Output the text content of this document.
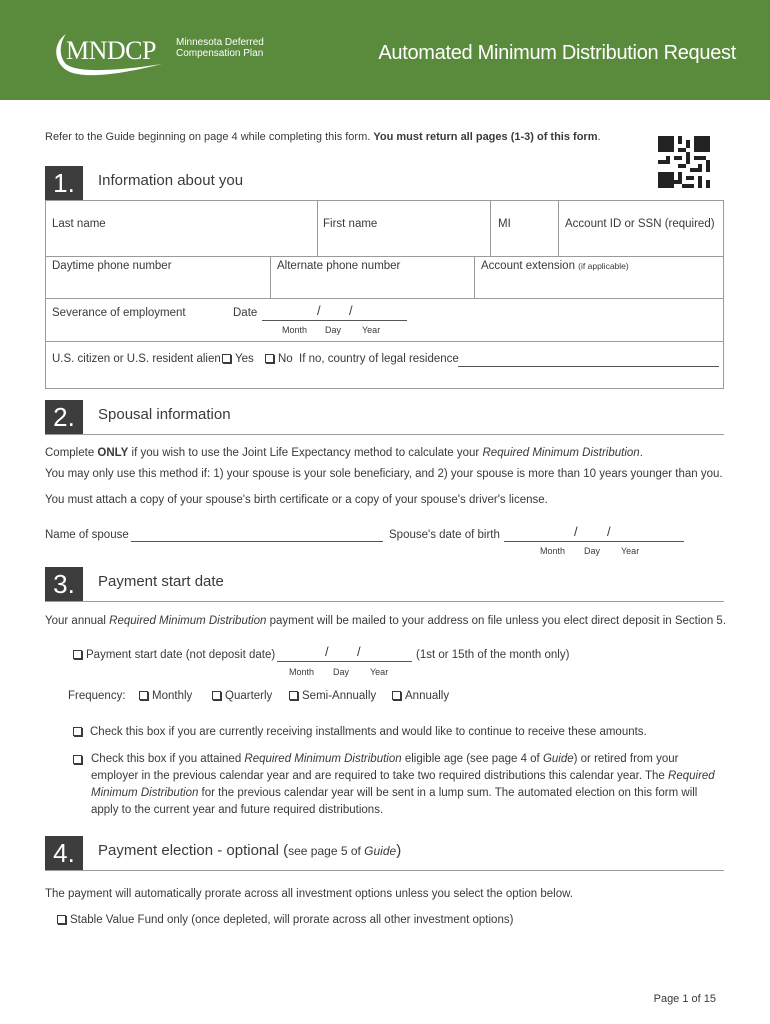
MNDCP Minnesota Deferred
Compensation Plan	Automated Minimum Distribution Request
Refer to the Guide beginning on page 4 while completing this form. You must return all pages (1-3) of this form.
1.	Information about you
Last name	First name	MI	Account ID or SSN (required)
Daytime phone number	Alternate phone number	Account extension (if applicable)
Severance of employment	Date	/ /
Month Day Year
U.S. citizen or U.S. resident alien	Yes	No If no, country of legal residence
2.	Spousal information
Complete ONLY if you wish to use the Joint Life Expectancy method to calculate your Required Minimum Distribution.
You may only use this method if: 1) your spouse is your sole beneficiary, and 2) your spouse is more than 10 years younger than you.
You must attach a copy of your spouse's birth certificate or a copy of your spouse's driver's license.
Name of spouse	Spouse's date of birth	/ /
Month Day Year
3.	Payment start date
Your annual Required Minimum Distribution payment will be mailed to your address on file unless you elect direct deposit in Section 5.
Payment start date (not deposit date)	/ /	(1st or 15th of the month only)
Month Day Year
Frequency:	Monthly	Quarterly	Semi-Annually	Annually
Check this box if you are currently receiving installments and would like to continue to receive these amounts.
Check this box if you attained Required Minimum Distribution eligible age (see page 4 of Guide) or retired from your employer in the previous calendar year and are required to take two required distributions this calendar year. The Required Minimum Distribution for the previous calendar year will be sent in a lump sum. The automated election on this form will apply to the current year and future required distributions.
4.	Payment election - optional (see page 5 of Guide)
The payment will automatically prorate across all investment options unless you select the option below.
Stable Value Fund only (once depleted, will prorate across all other investment options)
Page 1 of 15
